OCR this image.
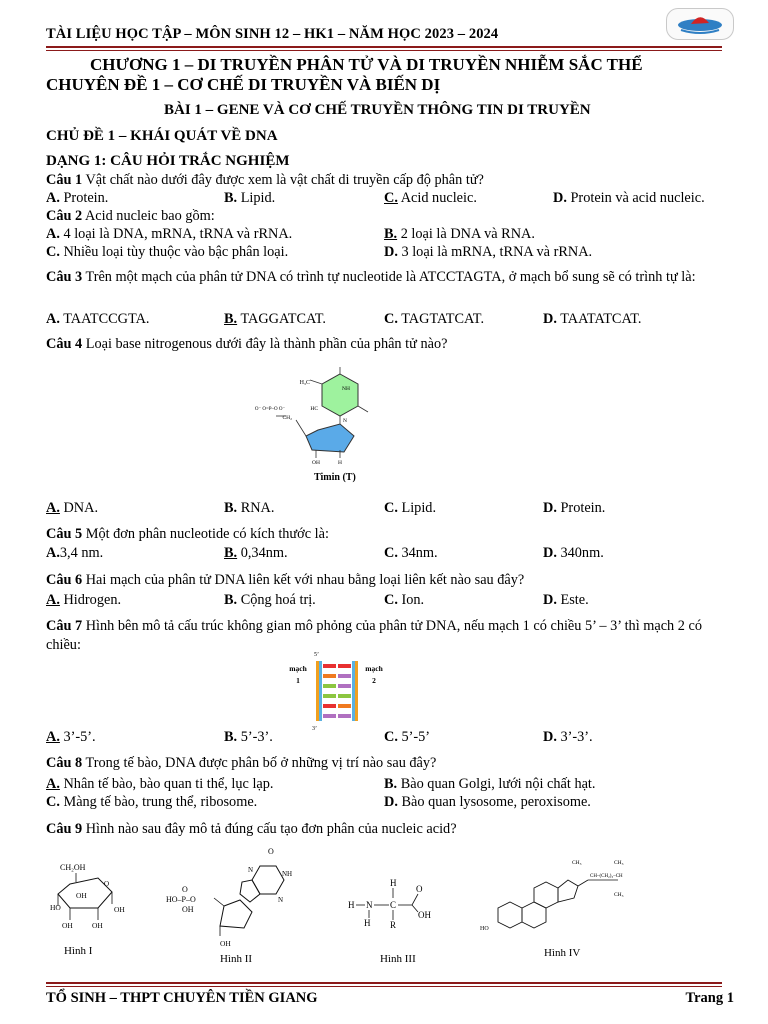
TÀI LIỆU HỌC TẬP – MÔN SINH 12 – HK1 – NĂM HỌC 2023 – 2024
CHƯƠNG 1 – DI TRUYỀN PHÂN TỬ VÀ DI TRUYỀN NHIỄM SẮC THỂ
CHUYÊN ĐỀ 1 – CƠ CHẾ DI TRUYỀN VÀ BIẾN DỊ
BÀI 1 – GENE VÀ CƠ CHẾ TRUYỀN THÔNG TIN DI TRUYỀN
CHỦ ĐỀ 1 – KHÁI QUÁT VỀ DNA
DẠNG 1: CÂU HỎI TRẮC NGHIỆM
Câu 1 Vật chất nào dưới đây được xem là vật chất di truyền cấp độ phân tử?
A. Protein.	B. Lipid.	C. Acid nucleic.	D. Protein và acid nucleic.
Câu 2 Acid nucleic bao gồm:
A. 4 loại là DNA, mRNA, tRNA và rRNA.	B. 2 loại là DNA và RNA.
C. Nhiều loại tùy thuộc vào bậc phân loại.	D. 3 loại là mRNA, tRNA và rRNA.
Câu 3 Trên một mạch của phân tử DNA có trình tự nucleotide là ATCCTAGTA, ở mạch bổ sung sẽ có trình tự là:
A. TAATCCGTA.	B. TAGGATCAT.	C. TAGTATCAT.	D. TAATATCAT.
Câu 4 Loại base nitrogenous dưới đây là thành phần của phân tử nào?
H₃C
NH
HC
N
CH₂
OH	H
O⁻ O=P–O O⁻
Timin (T)
A. DNA.	B. RNA.	C. Lipid.	D. Protein.
Câu 5 Một đơn phân nucleotide có kích thước là:
A.3,4 nm.	B. 0,34nm.	C. 34nm.	D. 340nm.
Câu 6 Hai mạch của phân tử DNA liên kết với nhau bằng loại liên kết nào sau đây?
A. Hidrogen.	B. Cộng hoá trị.	C. Ion.	D. Este.
Câu 7 Hình bên mô tả cấu trúc không gian mô phỏng của phân tử DNA, nếu mạch 1 có chiều 5’ – 3’ thì mạch 2 có chiều:
5’
3’
mạch
1
mạch
2
A. 3’-5’.	B. 5’-3’.	C. 5’-5’	D. 3’-3’.
Câu 8 Trong tế bào, DNA được phân bố ở những vị trí nào sau đây?
A. Nhân tế bào, bào quan ti thể, lục lạp.	B. Bào quan Golgi, lưới nội chất hạt.
C. Màng tế bào, trung thể, ribosome.	D. Bào quan lysosome, peroxisome.
Câu 9 Hình nào sau đây mô tả đúng cấu tạo đơn phân của nucleic acid?
CH₂OH
O
HO
OH
OH
OH	OH
Hình I
O
NH
N
N
HO–P–O
O
OH
OH
Hình II
H
H N C
H R
O
OH
Hình III
HO
CH₃	CH₃
CH₃
CH–(CH₂)₃–CH
Hình IV
TỔ SINH – THPT CHUYÊN TIỀN GIANG	Trang 1
